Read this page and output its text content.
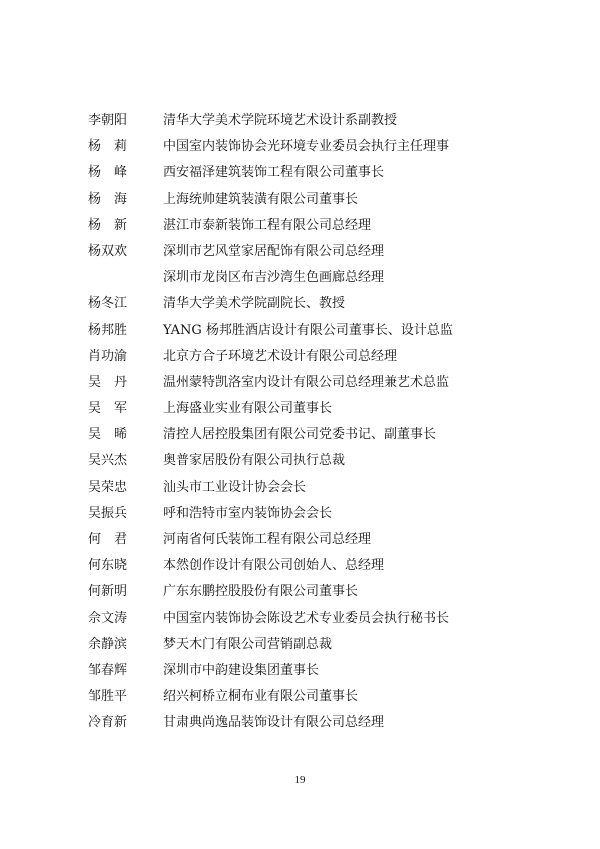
李朝阳	清华大学美术学院环境艺术设计系副教授
杨　莉	中国室内装饰协会光环境专业委员会执行主任理事
杨　峰	西安福泽建筑装饰工程有限公司董事长
杨　海	上海统帅建筑装潢有限公司董事长
杨　新	湛江市泰新装饰工程有限公司总经理
杨双欢	深圳市艺风堂家居配饰有限公司总经理
深圳市龙岗区布吉沙湾生色画廊总经理
杨冬江	清华大学美术学院副院长、教授
杨邦胜	YANG 杨邦胜酒店设计有限公司董事长、设计总监
肖功渝	北京方合子环境艺术设计有限公司总经理
吴　丹	温州蒙特凯洛室内设计有限公司总经理兼艺术总监
吴　军	上海盛业实业有限公司董事长
吴　晞	清控人居控股集团有限公司党委书记、副董事长
吴兴杰	奥普家居股份有限公司执行总裁
吴荣忠	汕头市工业设计协会会长
吴振兵	呼和浩特市室内装饰协会会长
何　君	河南省何氏装饰工程有限公司总经理
何东晓	本然创作设计有限公司创始人、总经理
何新明	广东东鹏控股股份有限公司董事长
佘文涛	中国室内装饰协会陈设艺术专业委员会执行秘书长
余静滨	梦天木门有限公司营销副总裁
邹春辉	深圳市中韵建设集团董事长
邹胜平	绍兴柯桥立桐布业有限公司董事长
冷育新	甘肃典尚逸品装饰设计有限公司总经理
19
